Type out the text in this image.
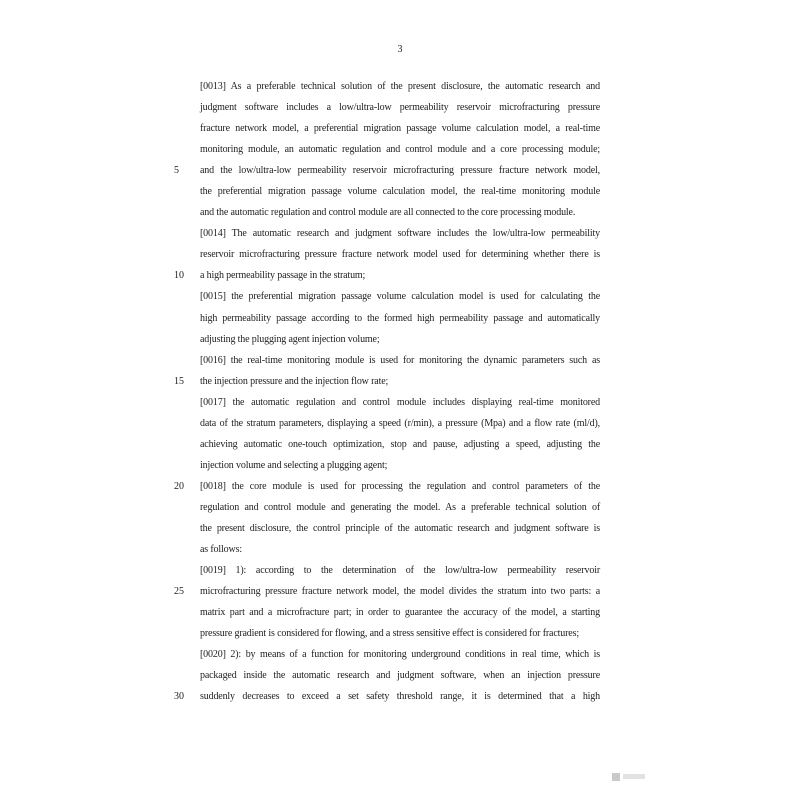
3
[0013] As a preferable technical solution of the present disclosure, the automatic research and
judgment software includes a low/ultra-low permeability reservoir microfracturing pressure
fracture network model, a preferential migration passage volume calculation model, a real-time
monitoring module, an automatic regulation and control module and a core processing module;
5 and the low/ultra-low permeability reservoir microfracturing pressure fracture network model,
the preferential migration passage volume calculation model, the real-time monitoring module
and the automatic regulation and control module are all connected to the core processing module.
[0014] The automatic research and judgment software includes the low/ultra-low permeability
reservoir microfracturing pressure fracture network model used for determining whether there is
10 a high permeability passage in the stratum;
[0015] the preferential migration passage volume calculation model is used for calculating the
high permeability passage according to the formed high permeability passage and automatically
adjusting the plugging agent injection volume;
[0016] the real-time monitoring module is used for monitoring the dynamic parameters such as
15 the injection pressure and the injection flow rate;
[0017] the automatic regulation and control module includes displaying real-time monitored
data of the stratum parameters, displaying a speed (r/min), a pressure (Mpa) and a flow rate (ml/d),
achieving automatic one-touch optimization, stop and pause, adjusting a speed, adjusting the
injection volume and selecting a plugging agent;
20 [0018] the core module is used for processing the regulation and control parameters of the
regulation and control module and generating the model. As a preferable technical solution of
the present disclosure, the control principle of the automatic research and judgment software is
as follows:
[0019] 1): according to the determination of the low/ultra-low permeability reservoir
25 microfracturing pressure fracture network model, the model divides the stratum into two parts: a
matrix part and a microfracture part; in order to guarantee the accuracy of the model, a starting
pressure gradient is considered for flowing, and a stress sensitive effect is considered for fractures;
[0020] 2): by means of a function for monitoring underground conditions in real time, which is
packaged inside the automatic research and judgment software, when an injection pressure
30 suddenly decreases to exceed a set safety threshold range, it is determined that a high
